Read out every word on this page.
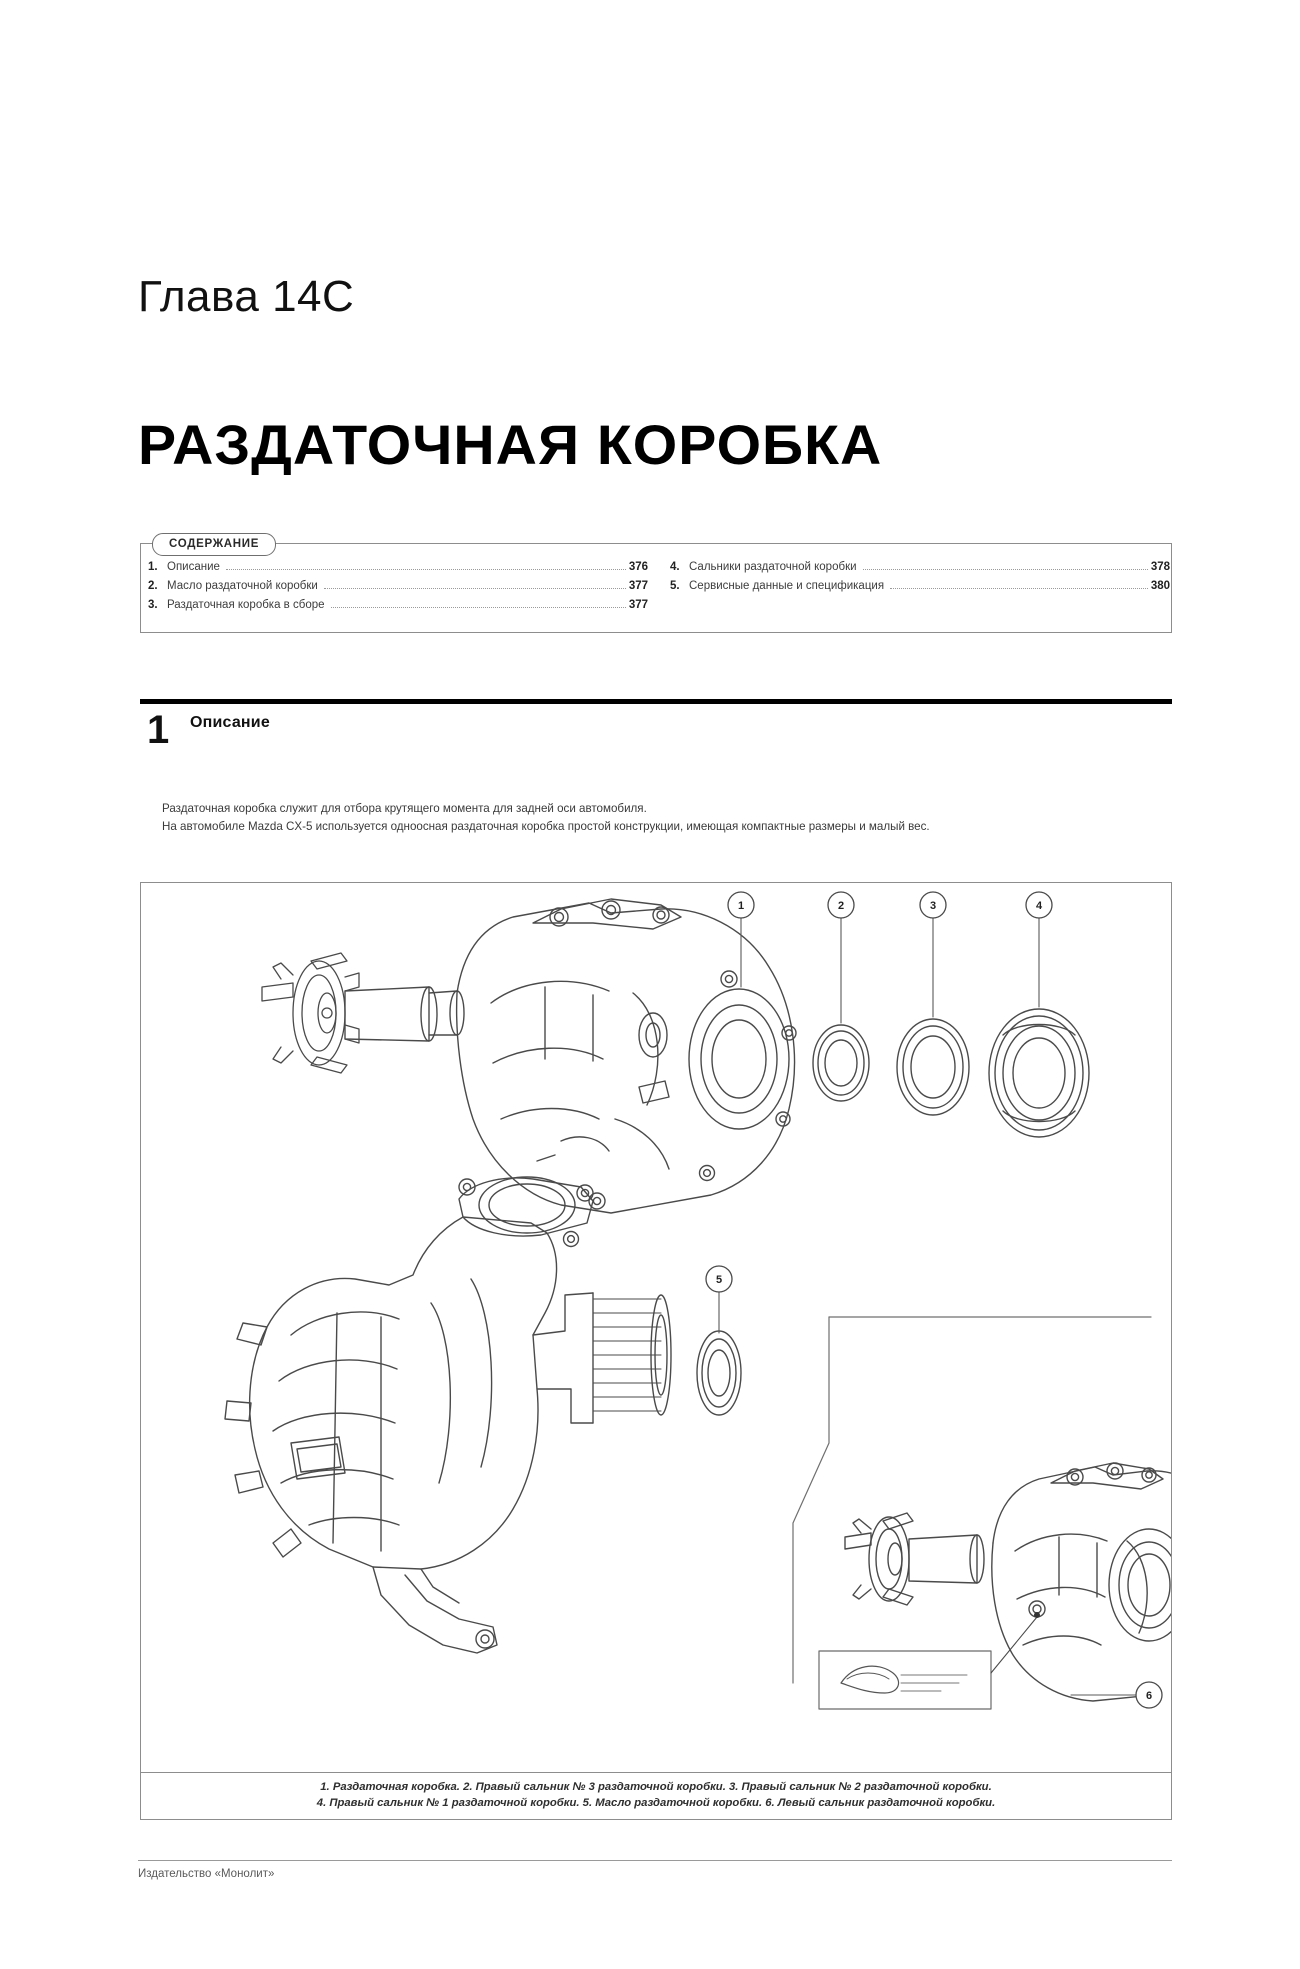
Глава 14С
РАЗДАТОЧНАЯ КОРОБКА
СОДЕРЖАНИЕ
1. Описание	376
2. Масло раздаточной коробки	377
3. Раздаточная коробка в сборе	377
4. Сальники раздаточной коробки	378
5. Сервисные данные и спецификация	380
1 Описание

Раздаточная коробка служит для отбора крутящего момента для задней оси автомобиля.

На автомобиле Mazda CX-5 используется одноосная раздаточная коробка простой конструкции, имеющая компактные размеры и малый вес.

1	2	3	4
5
6
1. Раздаточная коробка. 2. Правый сальник № 3 раздаточной коробки. 3. Правый сальник № 2 раздаточной коробки.
4. Правый сальник № 1 раздаточной коробки. 5. Масло раздаточной коробки. 6. Левый сальник раздаточной коробки.
Издательство «Монолит»
